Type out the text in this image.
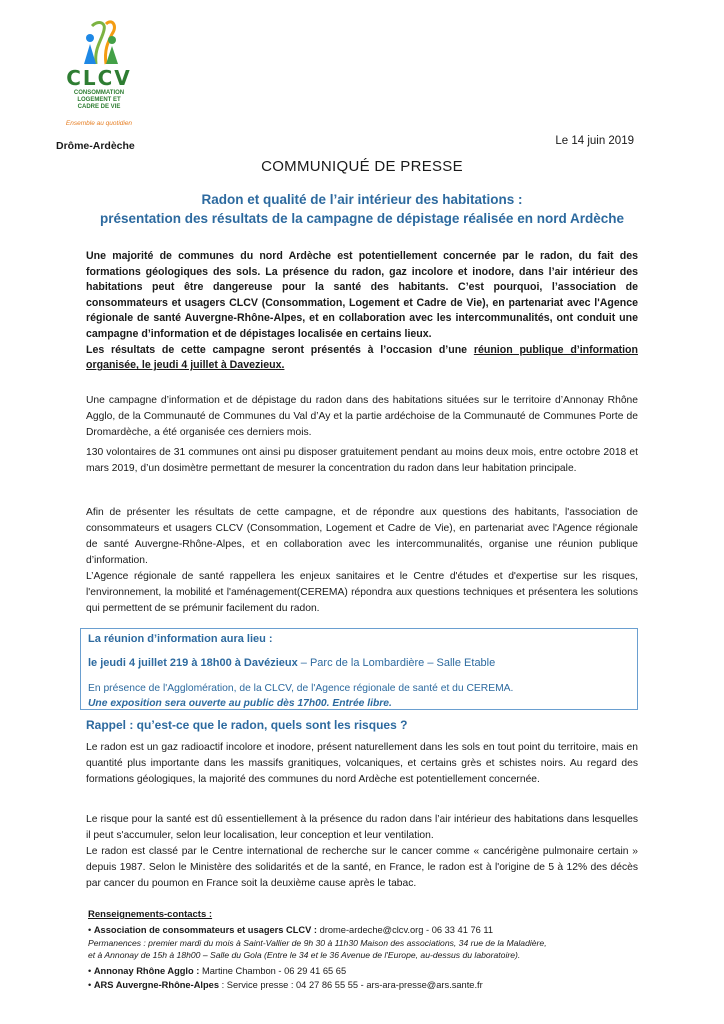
CLCV
CONSOMMATION
LOGEMENT ET
CADRE DE VIE
Ensemble au quotidien
Drôme-Ardèche	Le 14 juin 2019
COMMUNIQUÉ DE PRESSE
Radon et qualité de l’air intérieur des habitations :
présentation des résultats de la campagne de dépistage réalisée en nord Ardèche

Une majorité de communes du nord Ardèche est potentiellement concernée par le radon, du fait des formations géologiques des sols. La présence du radon, gaz incolore et inodore, dans l’air intérieur des habitations peut être dangereuse pour la santé des habitants. C’est pourquoi, l’association de consommateurs et usagers CLCV (Consommation, Logement et Cadre de Vie), en partenariat avec l'Agence régionale de santé Auvergne-Rhône-Alpes, et en collaboration avec les intercommunalités, ont conduit une campagne d’information et de dépistages localisée en certains lieux.

Les résultats de cette campagne seront présentés à l’occasion d’une réunion publique d’information organisée, le jeudi 4 juillet à Davezieux.

Une campagne d’information et de dépistage du radon dans des habitations situées sur le territoire d’Annonay Rhône Agglo, de la Communauté de Communes du Val d’Ay et la partie ardéchoise de la Communauté de Communes Porte de Dromardèche, a été organisée ces derniers mois.
130 volontaires de 31 communes ont ainsi pu disposer gratuitement pendant au moins deux mois, entre octobre 2018 et mars 2019, d’un dosimètre permettant de mesurer la concentration du radon dans leur habitation principale.

Afin de présenter les résultats de cette campagne, et de répondre aux questions des habitants, l'association de consommateurs et usagers CLCV (Consommation, Logement et Cadre de Vie), en partenariat avec l'Agence régionale de santé Auvergne-Rhône-Alpes, et en collaboration avec les intercommunalités, organise une réunion publique d’information.

L’Agence régionale de santé rappellera les enjeux sanitaires et le Centre d'études et d'expertise sur les risques, l'environnement, la mobilité et l'aménagement(CEREMA) répondra aux questions techniques et présentera les solutions qui permettent de se prémunir facilement du radon.

La réunion d’information aura lieu :
le jeudi 4 juillet 219 à 18h00 à Davézieux – Parc de la Lombardière – Salle Etable
En présence de l'Agglomération, de la CLCV, de l'Agence régionale de santé et du CEREMA.
Une exposition sera ouverte au public dès 17h00. Entrée libre.
Rappel : qu’est-ce que le radon, quels sont les risques ?
Le radon est un gaz radioactif incolore et inodore, présent naturellement dans les sols en tout point du territoire, mais en quantité plus importante dans les massifs granitiques, volcaniques, et certains grès et schistes noirs. Au regard des formations géologiques, la majorité des communes du nord Ardèche est potentiellement concernée.

Le risque pour la santé est dû essentiellement à la présence du radon dans l’air intérieur des habitations dans lesquelles il peut s'accumuler, selon leur localisation, leur conception et leur ventilation.

Le radon est classé par le Centre international de recherche sur le cancer comme « cancérigène pulmonaire certain » depuis 1987. Selon le Ministère des solidarités et de la santé, en France, le radon est à l'origine de 5 à 12% des décès par cancer du poumon en France soit la deuxième cause après le tabac.

Renseignements-contacts :
• Association de consommateurs et usagers CLCV : drome-ardeche@clcv.org - 06 33 41 76 11
Permanences : premier mardi du mois à Saint-Vallier de 9h 30 à 11h30 Maison des associations, 34 rue de la Maladière,
et à Annonay de 15h à 18h00 – Salle du Gola (Entre le 34 et le 36 Avenue de l'Europe, au-dessus du laboratoire).
• Annonay Rhône Agglo : Martine Chambon - 06 29 41 65 65
• ARS Auvergne-Rhône-Alpes : Service presse : 04 27 86 55 55 - ars-ara-presse@ars.sante.fr
